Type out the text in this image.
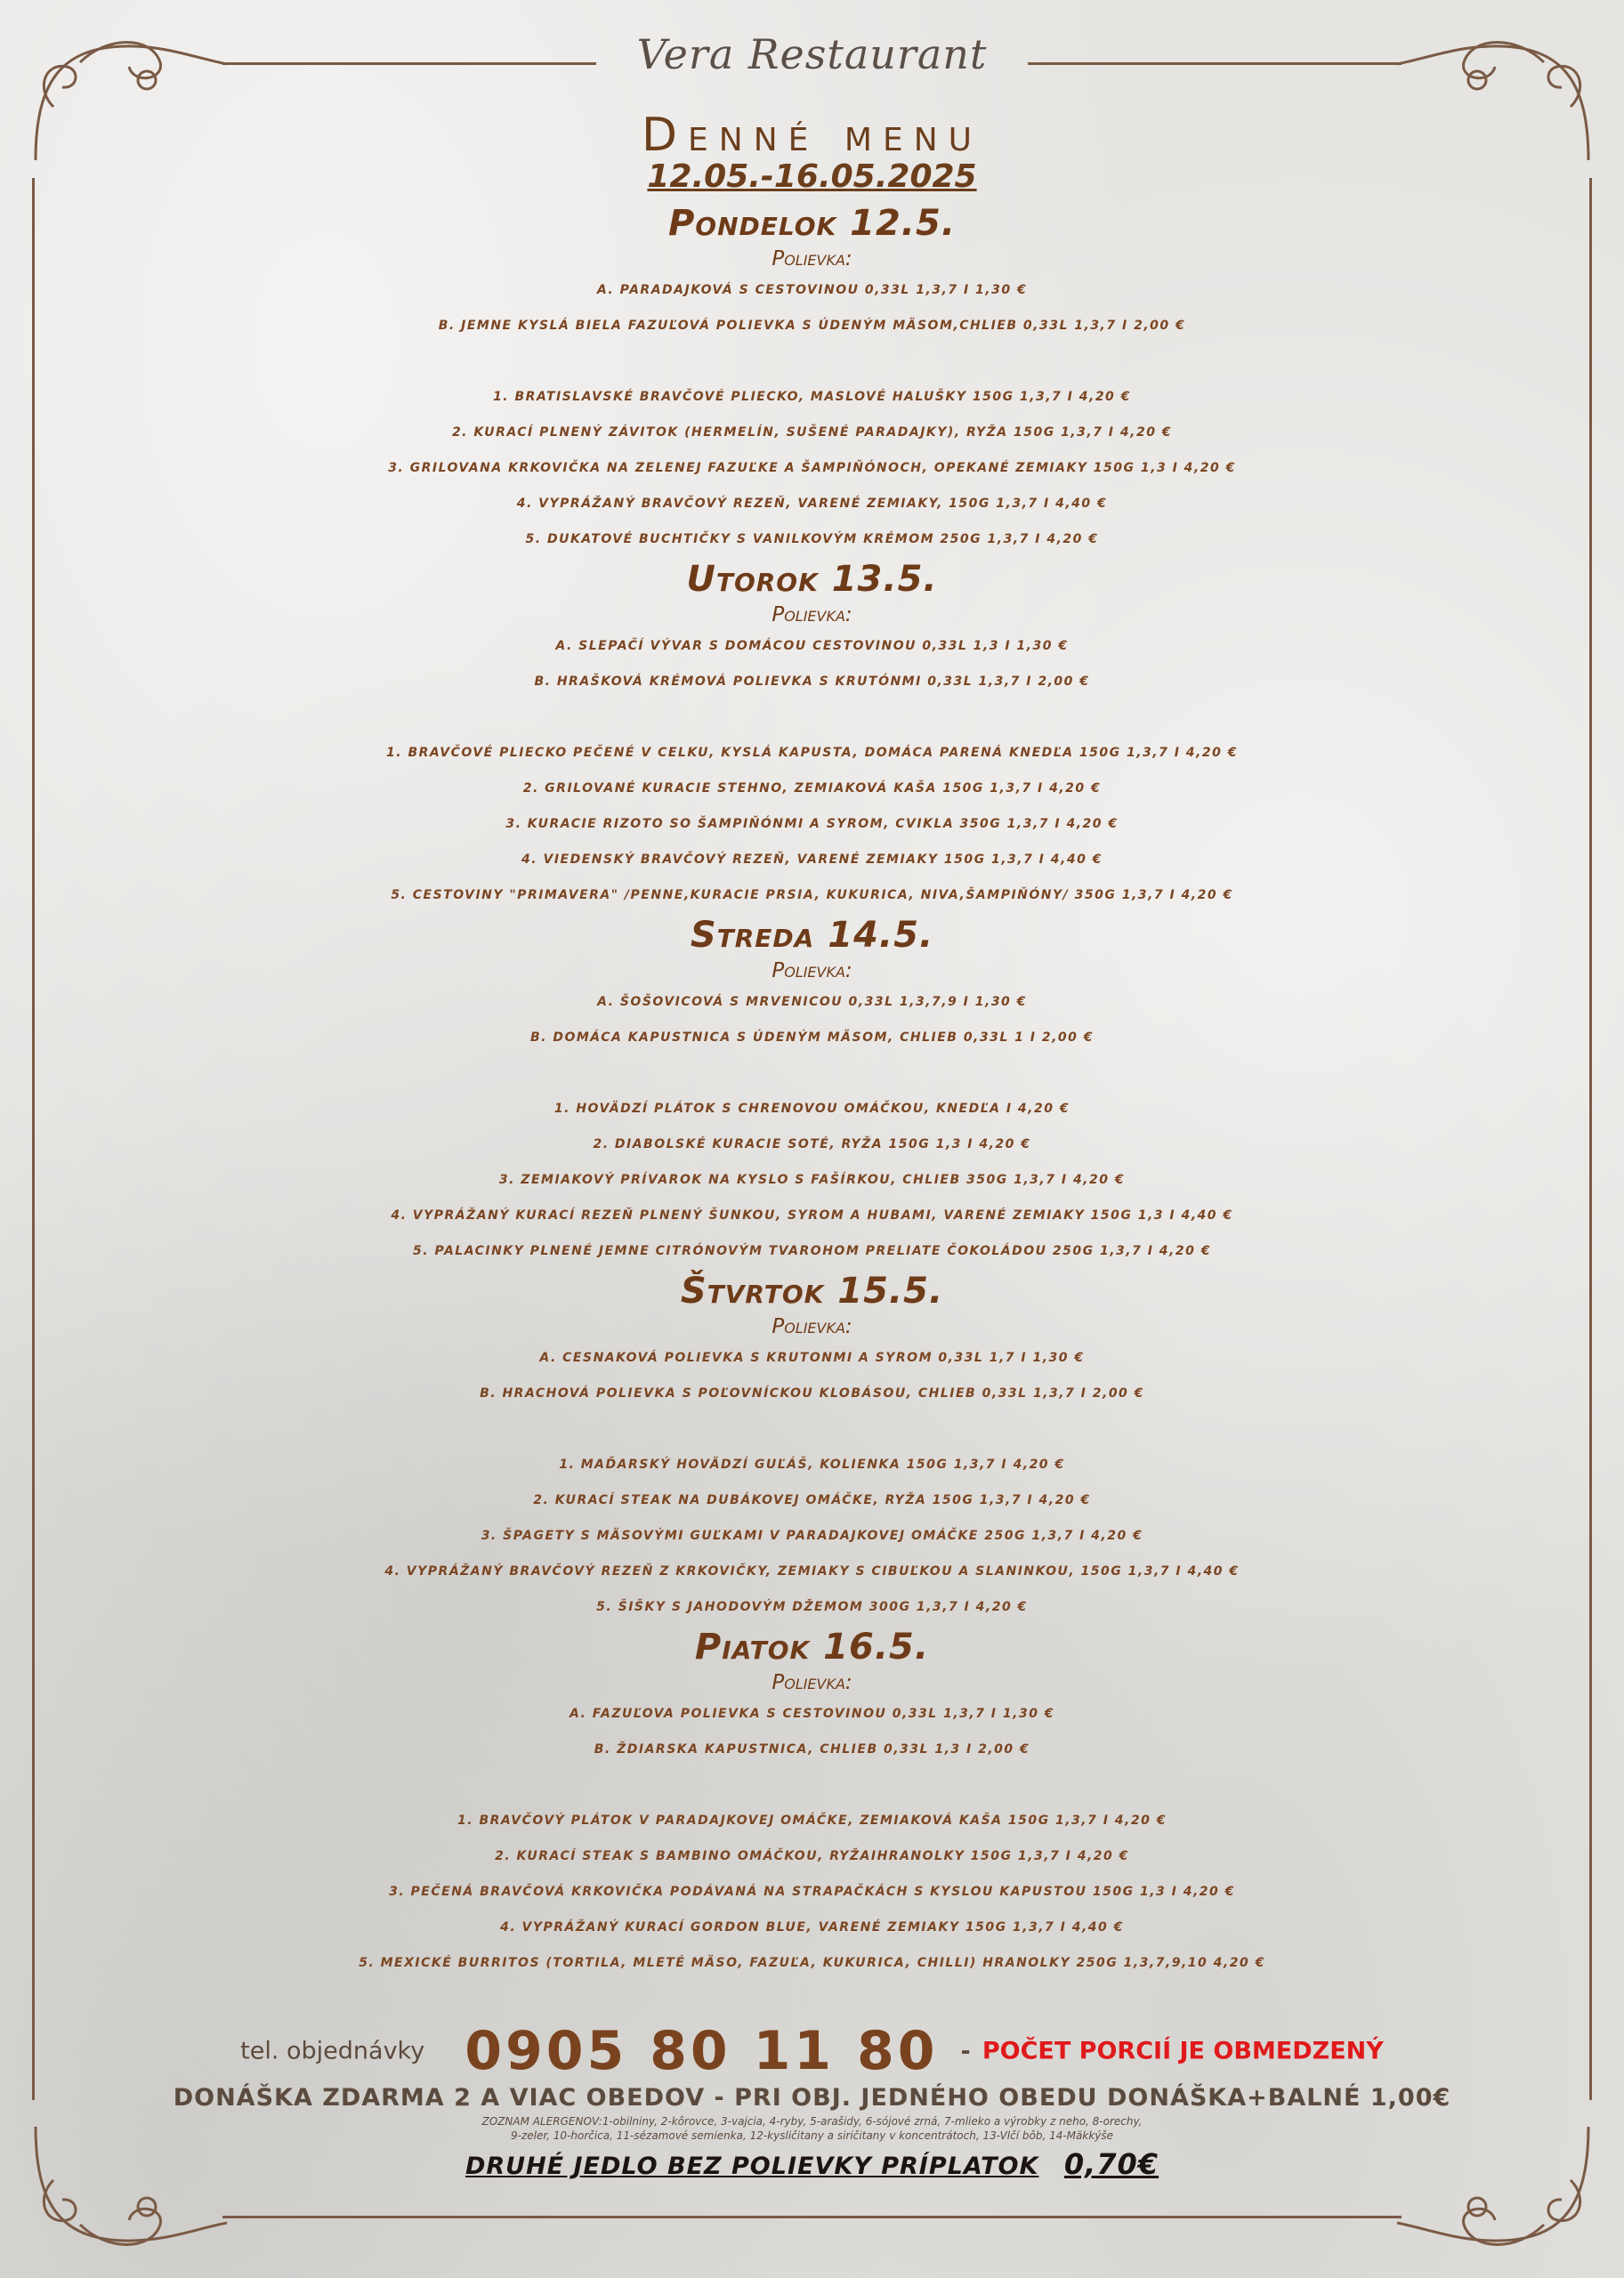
Vera Restaurant
Denné menu
12.05.-16.05.2025
Pondelok 12.5.
Polievka:
A. PARADAJKOVÁ S CESTOVINOU 0,33L 1,3,7 I 1,30 €
B. JEMNE KYSLÁ BIELA FAZUĽOVÁ POLIEVKA S ÚDENÝM MÄSOM,CHLIEB 0,33L 1,3,7 I 2,00 €
1. BRATISLAVSKÉ BRAVČOVÉ PLIECKO, MASLOVÉ HALUŠKY 150G 1,3,7 I 4,20 €
2. KURACÍ PLNENÝ ZÁVITOK (HERMELÍN, SUŠENÉ PARADAJKY), RYŽA 150G 1,3,7 I 4,20 €
3. GRILOVANA KRKOVIČKA NA ZELENEJ FAZUĽKE A ŠAMPIŇÓNOCH, OPEKANÉ ZEMIAKY 150G 1,3 I 4,20 €
4. VYPRÁŽANÝ BRAVČOVÝ REZEŇ, VARENÉ ZEMIAKY, 150G 1,3,7 I 4,40 €
5. DUKATOVÉ BUCHTIČKY S VANILKOVÝM KRÉMOM 250G 1,3,7 I 4,20 €
Utorok 13.5.
Polievka:
A. SLEPAČÍ VÝVAR S DOMÁCOU CESTOVINOU 0,33L 1,3 I 1,30 €
B. HRAŠKOVÁ KRÉMOVÁ POLIEVKA S KRUTÓNMI 0,33L 1,3,7 I 2,00 €
1. BRAVČOVÉ PLIECKO PEČENÉ V CELKU, KYSLÁ KAPUSTA, DOMÁCA PARENÁ KNEDĽA 150G 1,3,7 I 4,20 €
2. GRILOVANÉ KURACIE STEHNO, ZEMIAKOVÁ KAŠA 150G 1,3,7 I 4,20 €
3. KURACIE RIZOTO SO ŠAMPIŇÓNMI A SYROM, CVIKLA 350G 1,3,7 I 4,20 €
4. VIEDENSKÝ BRAVČOVÝ REZEŇ, VARENÉ ZEMIAKY 150G 1,3,7 I 4,40 €
5. CESTOVINY "PRIMAVERA" /PENNE,KURACIE PRSIA, KUKURICA, NIVA,ŠAMPIŇÓNY/ 350G 1,3,7 I 4,20 €
Streda 14.5.
Polievka:
A. ŠOŠOVICOVÁ S MRVENICOU 0,33L 1,3,7,9 I 1,30 €
B. DOMÁCA KAPUSTNICA S ÚDENÝM MÄSOM, CHLIEB 0,33L 1 I 2,00 €
1. HOVÄDZÍ PLÁTOK S CHRENOVOU OMÁČKOU, KNEDĽA I 4,20 €
2. DIABOLSKÉ KURACIE SOTÉ, RYŽA 150G 1,3 I 4,20 €
3. ZEMIAKOVÝ PRÍVAROK NA KYSLO S FAŠÍRKOU, CHLIEB 350G 1,3,7 I 4,20 €
4. VYPRÁŽANÝ KURACÍ REZEŇ PLNENÝ ŠUNKOU, SYROM A HUBAMI, VARENÉ ZEMIAKY 150G 1,3 I 4,40 €
5. PALACINKY PLNENÉ JEMNE CITRÓNOVÝM TVAROHOM PRELIATE ČOKOLÁDOU 250G 1,3,7 I 4,20 €
Štvrtok 15.5.
Polievka:
A. CESNAKOVÁ POLIEVKA S KRUTONMI A SYROM 0,33L 1,7 I 1,30 €
B. HRACHOVÁ POLIEVKA S POĽOVNÍCKOU KLOBÁSOU, CHLIEB 0,33L 1,3,7 I 2,00 €
1. MAĎARSKÝ HOVÄDZÍ GUĽÁŠ, KOLIENKA 150G 1,3,7 I 4,20 €
2. KURACÍ STEAK NA DUBÁKOVEJ OMÁČKE, RYŽA 150G 1,3,7 I 4,20 €
3. ŠPAGETY S MÄSOVÝMI GUĽKAMI V PARADAJKOVEJ OMÁČKE 250G 1,3,7 I 4,20 €
4. VYPRÁŽANÝ BRAVČOVÝ REZEŇ Z KRKOVIČKY, ZEMIAKY S CIBUĽKOU A SLANINKOU, 150G 1,3,7 I 4,40 €
5. ŠIŠKY S JAHODOVÝM DŽEMOM 300G 1,3,7 I 4,20 €
Piatok 16.5.
Polievka:
A. FAZUĽOVA POLIEVKA S CESTOVINOU 0,33L 1,3,7 I 1,30 €
B. ŽDIARSKA KAPUSTNICA, CHLIEB 0,33L 1,3 I 2,00 €
1. BRAVČOVÝ PLÁTOK V PARADAJKOVEJ OMÁČKE, ZEMIAKOVÁ KAŠA 150G 1,3,7 I 4,20 €
2. KURACÍ STEAK S BAMBINO OMÁČKOU, RYŽAIHRANOLKY 150G 1,3,7 I 4,20 €
3. PEČENÁ BRAVČOVÁ KRKOVIČKA PODÁVANÁ NA STRAPAČKÁCH S KYSLOU KAPUSTOU 150G 1,3 I 4,20 €
4. VYPRÁŽANÝ KURACÍ GORDON BLUE, VARENÉ ZEMIAKY 150G 1,3,7 I 4,40 €
5. MEXICKÉ BURRITOS (TORTILA, MLETÉ MÄSO, FAZUĽA, KUKURICA, CHILLI) HRANOLKY 250G 1,3,7,9,10 4,20 €
tel. objednávky 0905 80 11 80 - POČET PORCIÍ JE OBMEDZENÝ
DONÁŠKA ZDARMA 2 A VIAC OBEDOV - PRI OBJ. JEDNÉHO OBEDU DONÁŠKA+BALNÉ 1,00€
ZOZNAM ALERGENOV:1-obilniny, 2-kôrovce, 3-vajcia, 4-ryby, 5-arašidy, 6-sójové zrná, 7-mlieko a výrobky z neho, 8-orechy,
9-zeler, 10-horčica, 11-sézamové semienka, 12-kysličitany a siričitany v koncentrátoch, 13-Vlčí bôb, 14-Mäkkýše
DRUHÉ JEDLO BEZ POLIEVKY PRÍPLATOK 0,70€
